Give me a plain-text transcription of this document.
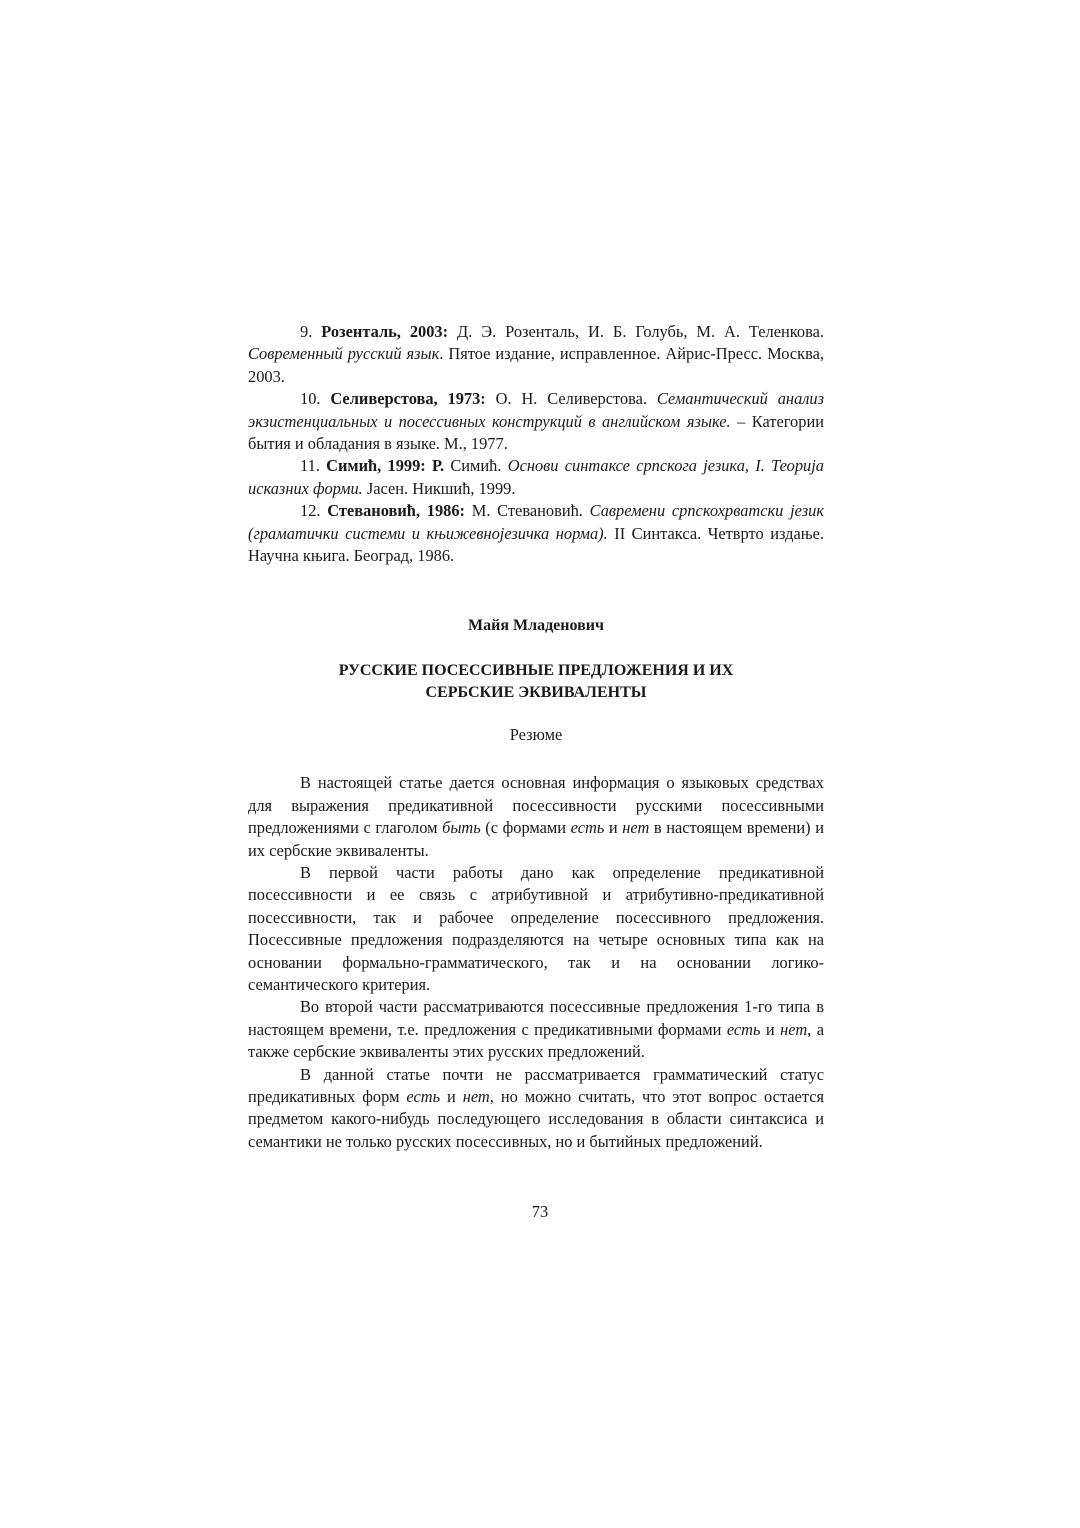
9. Розенталь, 2003: Д. Э. Розенталь, И. Б. Голубь, М. А. Теленкова. Современный русский язык. Пятое издание, исправленное. Айрис-Пресс. Москва, 2003.

10. Селиверстова, 1973: О. Н. Селиверстова. Семантический анализ экзистенциальных и посессивных конструкций в английском языке. – Категории бытия и обладания в языке. М., 1977.

11. Симић, 1999: Р. Симић. Основи синтаксе српскога језика, I. Теорија исказних форми. Јасен. Никшић, 1999.

12. Стевановић, 1986: М. Стевановић. Савремени српскохрватски језик (граматички системи и књижевнојезичка норма). II Синтакса. Четврто издање. Научна књига. Београд, 1986.

Майя Младенович

РУССКИЕ ПОСЕССИВНЫЕ ПРЕДЛОЖЕНИЯ И ИХ
СЕРБСКИЕ ЭКВИВАЛЕНТЫ

Резюме

В настоящей статье дается основная информация о языковых средствах для выражения предикативной посессивности русскими посессивными предложениями с глаголом быть (с формами есть и нет в настоящем времени) и их сербские эквиваленты.

В первой части работы дано как определение предикативной посессивности и ее связь с атрибутивной и атрибутивно-предикативной посессивности, так и рабочее определение посессивного предложения. Посессивные предложения подразделяются на четыре основных типа как на основании формально-грамматического, так и на основании логико-семантического критерия.

Во второй части рассматриваются посессивные предложения 1-го типа в настоящем времени, т.е. предложения с предикативными формами есть и нет, а также сербские эквиваленты этих русских предложений.

В данной статье почти не рассматривается грамматический статус предикативных форм есть и нет, но можно считать, что этот вопрос остается предметом какого-нибудь последующего исследования в области синтаксиса и семантики не только русских посессивных, но и бытийных предложений.

73
